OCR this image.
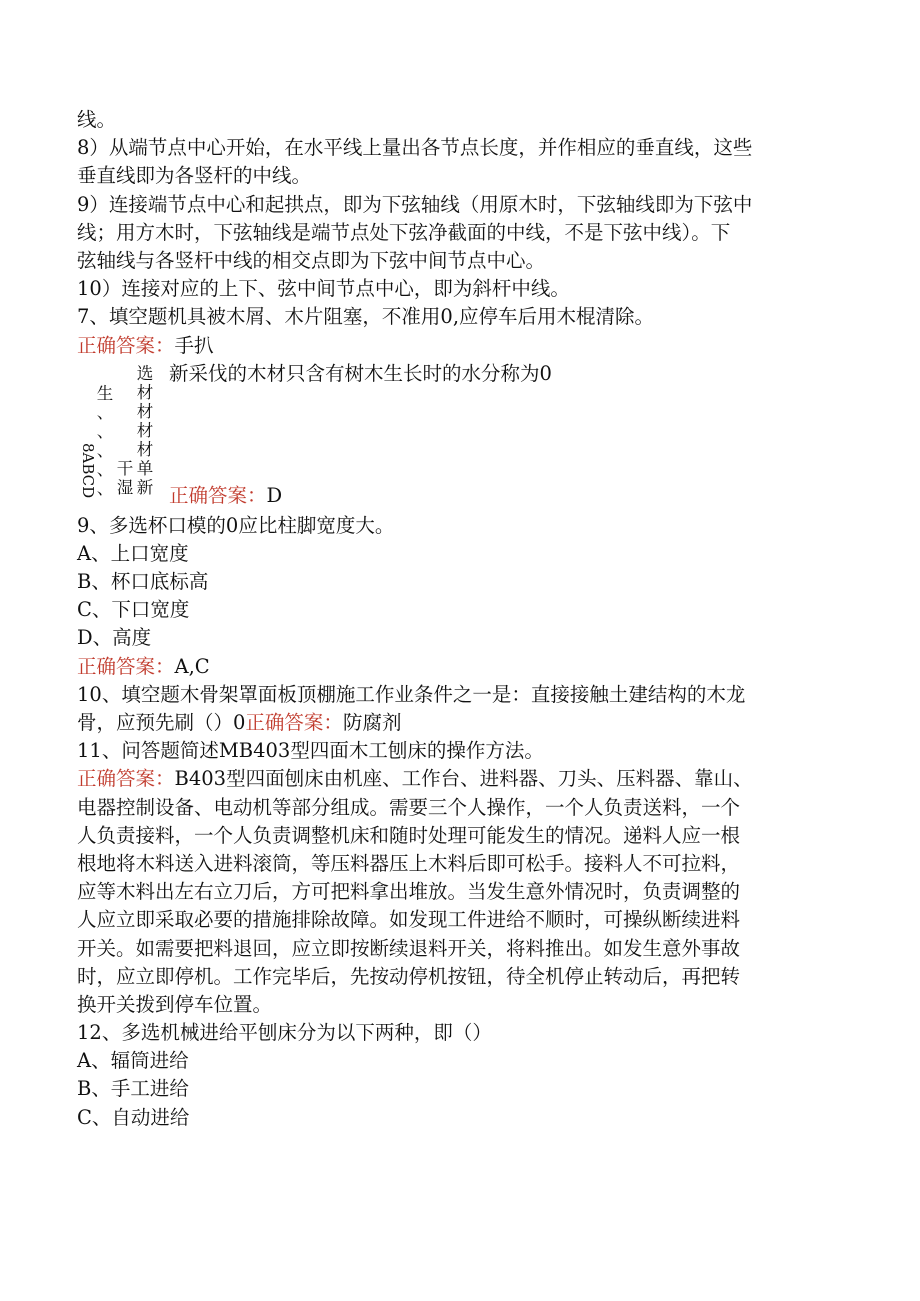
线。
8）从端节点中心开始，在水平线上量出各节点长度，并作相应的垂直线，这些
垂直线即为各竖杆的中线。
9）连接端节点中心和起拱点，即为下弦轴线（用原木时，下弦轴线即为下弦中
线；用方木时，下弦轴线是端节点处下弦净截面的中线，不是下弦中线）。下
弦轴线与各竖杆中线的相交点即为下弦中间节点中心。
10）连接对应的上下、弦中间节点中心，即为斜杆中线。
7、填空题机具被木屑、木片阻塞，不准用0,应停车后用木棍清除。
正确答案：手扒
8ABCD
生
、
、
、
、
、
选
材
材
材
材
单
新
干
湿
新采伐的木材只含有树木生长时的水分称为0
正确答案：D
9、多选杯口模的0应比柱脚宽度大。
A、上口宽度
B、杯口底标高
C、下口宽度
D、高度
正确答案：A,C
10、填空题木骨架罩面板顶棚施工作业条件之一是：直接接触土建结构的木龙
骨，应预先刷（）0正确答案：防腐剂
11、问答题简述MB403型四面木工刨床的操作方法。
正确答案：B403型四面刨床由机座、工作台、进料器、刀头、压料器、靠山、
电器控制设备、电动机等部分组成。需要三个人操作，一个人负责送料，一个
人负责接料，一个人负责调整机床和随时处理可能发生的情况。递料人应一根
根地将木料送入进料滚筒，等压料器压上木料后即可松手。接料人不可拉料，
应等木料出左右立刀后，方可把料拿出堆放。当发生意外情况时，负责调整的
人应立即采取必要的措施排除故障。如发现工件进给不顺时，可操纵断续进料
开关。如需要把料退回，应立即按断续退料开关，将料推出。如发生意外事故
时，应立即停机。工作完毕后，先按动停机按钮，待全机停止转动后，再把转
换开关拨到停车位置。
12、多选机械进给平刨床分为以下两种，即（）
A、辐筒进给
B、手工进给
C、自动进给
